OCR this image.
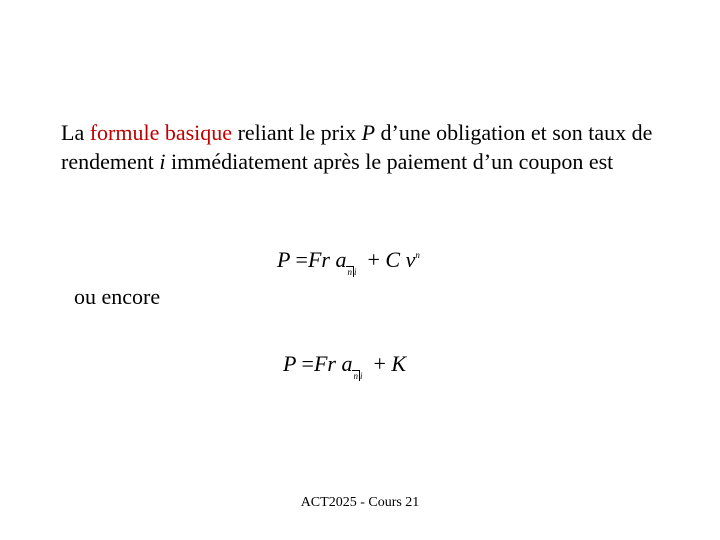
La formule basique reliant le prix P d’une obligation et son taux de rendement i immédiatement après le paiement d’un coupon est

P =Fr $a_{n i} + C$ $\nu^n$

ou encore

P =Fr $a_{n i} + K$
ACT2025 - Cours 21
